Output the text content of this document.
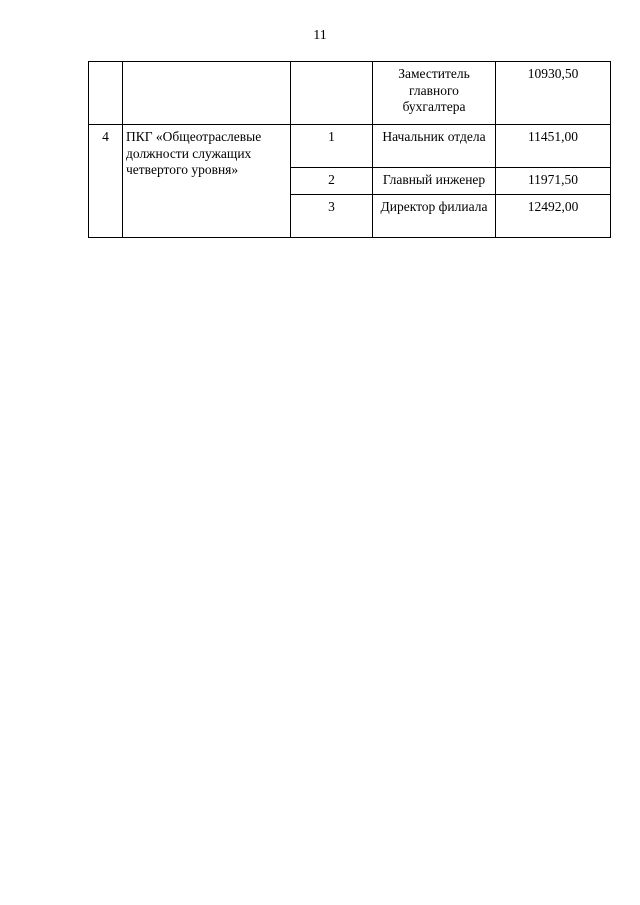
11
			Заместитель главного бухгалтера	10930,50
4	ПКГ «Общеотраслевые должности служащих четвертого уровня»	1	Начальник отдела	11451,00
		2	Главный инженер	11971,50
		3	Директор филиала	12492,00
